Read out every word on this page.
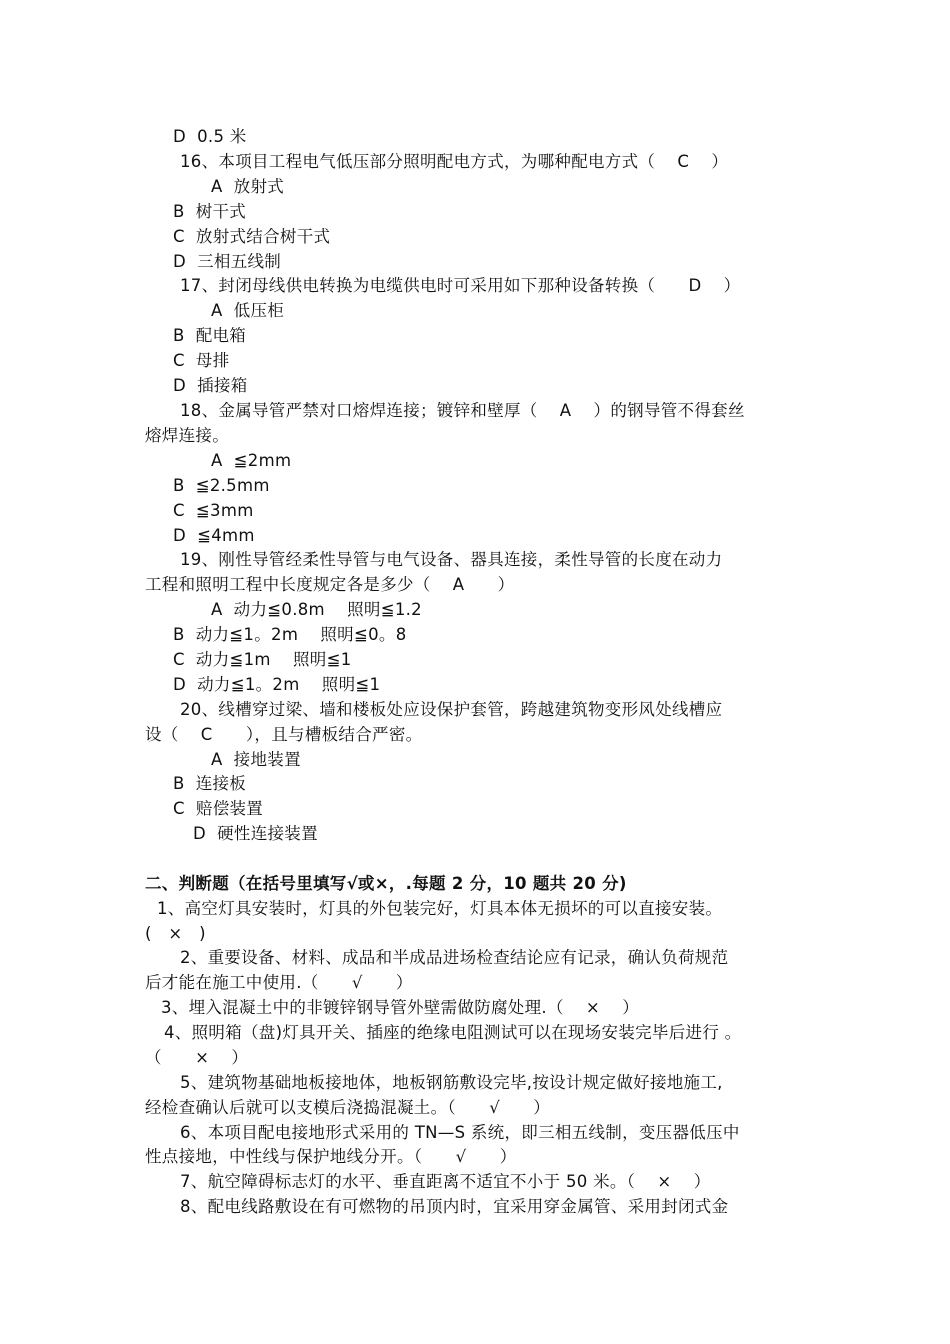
D  0.5 米
16、本项目工程电气低压部分照明配电方式，为哪种配电方式（    C    ）
A  放射式
B  树干式
C  放射式结合树干式
D  三相五线制
17、封闭母线供电转换为电缆供电时可采用如下那种设备转换（      D    ）
A  低压柜
B  配电箱
C  母排
D  插接箱
18、金属导管严禁对口熔焊连接；镀锌和壁厚（    A    ）的钢导管不得套丝
熔焊连接。
A  ≦2mm
B  ≦2.5mm
C  ≦3mm
D  ≦4mm
19、刚性导管经柔性导管与电气设备、器具连接，柔性导管的长度在动力
工程和照明工程中长度规定各是多少（    A      ）
A  动力≦0.8m    照明≦1.2
B  动力≦1。2m    照明≦0。8
C  动力≦1m    照明≦1
D  动力≦1。2m    照明≦1
20、线槽穿过梁、墙和楼板处应设保护套管，跨越建筑物变形风处线槽应
设（    C      ），且与槽板结合严密。
A  接地装置
B  连接板
C  赔偿装置
D  硬性连接装置
二、判断题（在括号里填写√或×，.每题 2 分，10 题共 20 分)
1、高空灯具安装时，灯具的外包装完好，灯具本体无损坏的可以直接安装。
(   ×   )
2、重要设备、材料、成品和半成品进场检查结论应有记录，确认负荷规范
后才能在施工中使用.（      √      ）
3、埋入混凝土中的非镀锌钢导管外壁需做防腐处理.（    ×    ）
4、照明箱（盘)灯具开关、插座的绝缘电阻测试可以在现场安装完毕后进行 。
（      ×    ）
5、建筑物基础地板接地体，地板钢筋敷设完毕,按设计规定做好接地施工,
经检查确认后就可以支模后浇捣混凝土。（      √      ）
6、本项目配电接地形式采用的 TN—S 系统，即三相五线制，变压器低压中
性点接地，中性线与保护地线分开。（      √      ）
7、航空障碍标志灯的水平、垂直距离不适宜不小于 50 米。（    ×    ）
8、配电线路敷设在有可燃物的吊顶内时，宜采用穿金属管、采用封闭式金
